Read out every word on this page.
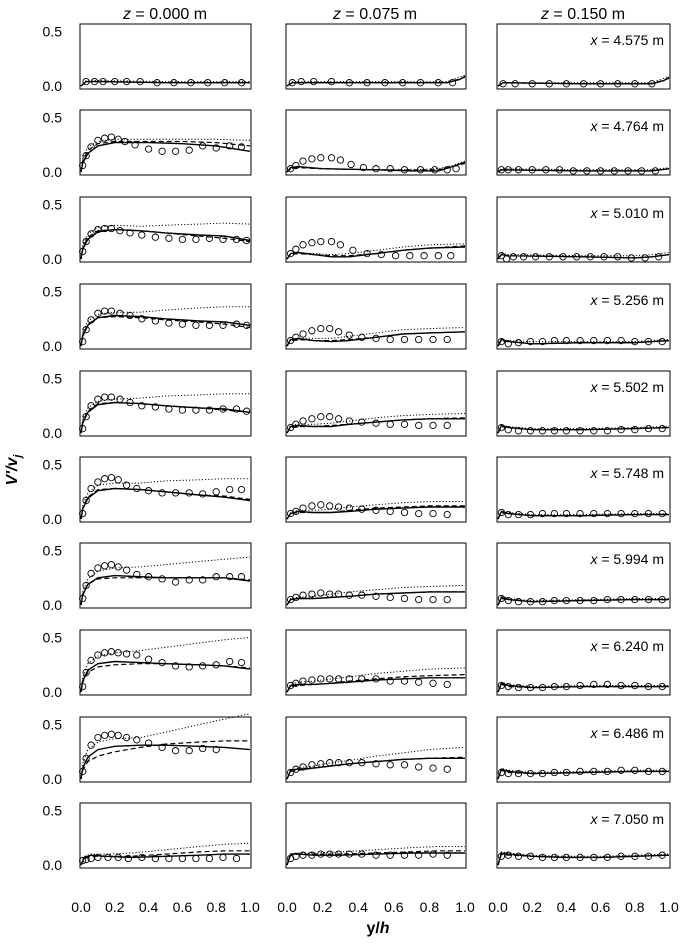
z = 0.000 m	z = 0.075 m	z = 0.150 m
$V'/v_j$
y/h
0.0
0.5
x = 4.575 m
0.0
0.5
x = 4.764 m
0.0
0.5
x = 5.010 m
0.0
0.5
x = 5.256 m
0.0
0.5
x = 5.502 m
0.0
0.5
x = 5.748 m
0.0
0.5
x = 5.994 m
0.0
0.5
x = 6.240 m
0.0
0.5
x = 6.486 m
0.0
0.5
x = 7.050 m
0.0 0.2 0.4 0.6 0.8 1.0 0.0 0.2 0.4 0.6 0.8 1.0 0.0 0.2 0.4 0.6 0.8 1.0
